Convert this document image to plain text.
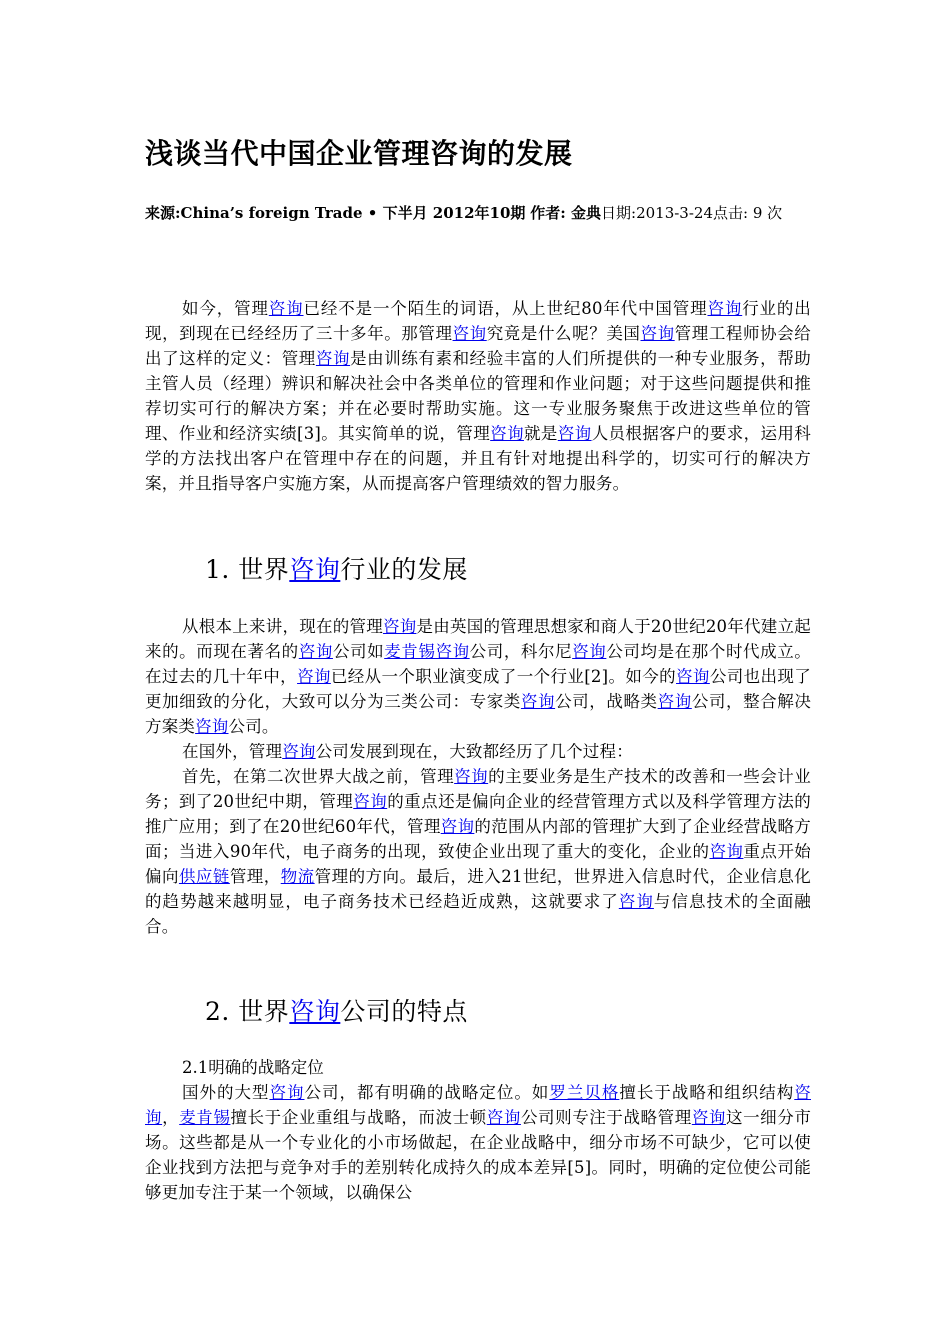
浅谈当代中国企业管理咨询的发展

来源:China’s foreign Trade • 下半月 2012年10期 作者: 金典日期:2013-3-24点击: 9 次

如今，管理咨询已经不是一个陌生的词语，从上世纪80年代中国管理咨询行业的出现，到现在已经经历了三十多年。那管理咨询究竟是什么呢？美国咨询管理工程师协会给出了这样的定义：管理咨询是由训练有素和经验丰富的人们所提供的一种专业服务，帮助主管人员（经理）辨识和解决社会中各类单位的管理和作业问题；对于这些问题提供和推荐切实可行的解决方案；并在必要时帮助实施。这一专业服务聚焦于改进这些单位的管理、作业和经济实绩[3]。其实简单的说，管理咨询就是咨询人员根据客户的要求，运用科学的方法找出客户在管理中存在的问题，并且有针对地提出科学的，切实可行的解决方案，并且指导客户实施方案，从而提高客户管理绩效的智力服务。

1. 世界咨询行业的发展

从根本上来讲，现在的管理咨询是由英国的管理思想家和商人于20世纪20年代建立起来的。而现在著名的咨询公司如麦肯锡咨询公司，科尔尼咨询公司均是在那个时代成立。在过去的几十年中，咨询已经从一个职业演变成了一个行业[2]。如今的咨询公司也出现了更加细致的分化，大致可以分为三类公司：专家类咨询公司，战略类咨询公司，整合解决方案类咨询公司。

在国外，管理咨询公司发展到现在，大致都经历了几个过程：

首先，在第二次世界大战之前，管理咨询的主要业务是生产技术的改善和一些会计业务；到了20世纪中期，管理咨询的重点还是偏向企业的经营管理方式以及科学管理方法的推广应用；到了在20世纪60年代，管理咨询的范围从内部的管理扩大到了企业经营战略方面；当进入90年代，电子商务的出现，致使企业出现了重大的变化，企业的咨询重点开始偏向供应链管理，物流管理的方向。最后，进入21世纪，世界进入信息时代，企业信息化的趋势越来越明显，电子商务技术已经趋近成熟，这就要求了咨询与信息技术的全面融合。

2. 世界咨询公司的特点

2.1明确的战略定位

国外的大型咨询公司，都有明确的战略定位。如罗兰贝格擅长于战略和组织结构咨询，麦肯锡擅长于企业重组与战略，而波士顿咨询公司则专注于战略管理咨询这一细分市场。这些都是从一个专业化的小市场做起，在企业战略中，细分市场不可缺少，它可以使企业找到方法把与竞争对手的差别转化成持久的成本差异[5]。同时，明确的定位使公司能够更加专注于某一个领域，以确保公
